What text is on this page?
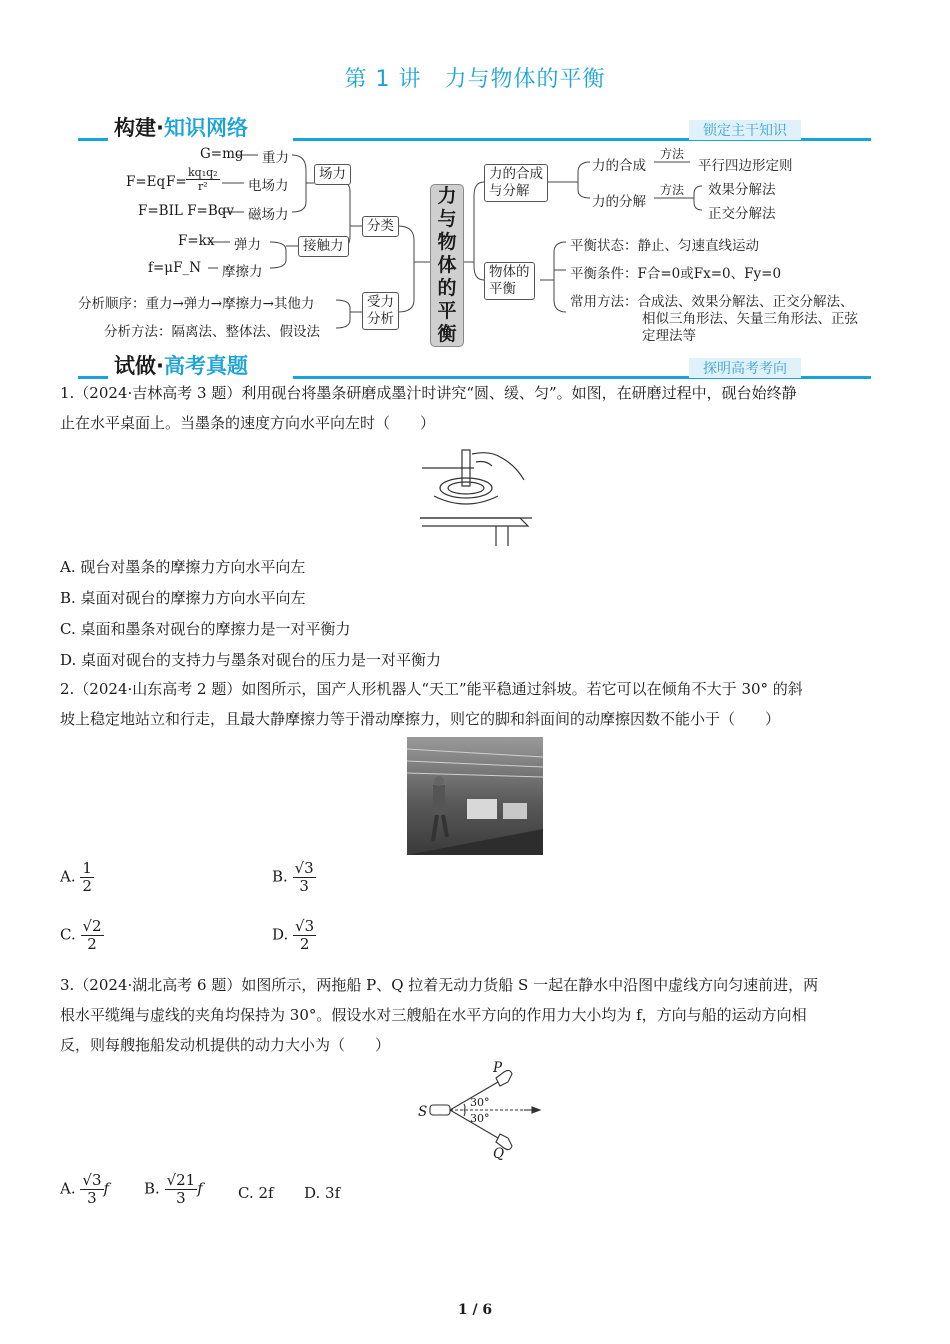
第 1 讲　力与物体的平衡
构建·知识网络	锁定主干知识
G=mg 重力
F=Eq $F= \frac{\text{kq₁q₂}}{\text{r²}}$ 电场力
F=BIL F=Bqv 磁场力
场力
F=kx 弹力
f=μF_N 摩擦力
接触力
分类
受力
分析
分析顺序：重力→弹力→摩擦力→其他力
分析方法：隔离法、整体法、假设法
力
与
物
体
的
平
衡
力的合成
与分解
力的合成
方法
平行四边形定则
力的分解
方法 效果分解法
正交分解法
物体的
平衡
平衡状态：静止、匀速直线运动
平衡条件：F合=0或Fx=0、Fy=0
常用方法：合成法、效果分解法、正交分解法、
相似三角形法、矢量三角形法、正弦
定理法等
试做·高考真题	探明高考考向
1.（2024·吉林高考 3 题）利用砚台将墨条研磨成墨汁时讲究“圆、缓、匀”。如图，在研磨过程中，砚台始终静
止在水平桌面上。当墨条的速度方向水平向左时（　　）
A. 砚台对墨条的摩擦力方向水平向左
B. 桌面对砚台的摩擦力方向水平向左
C. 桌面和墨条对砚台的摩擦力是一对平衡力
D. 桌面对砚台的支持力与墨条对砚台的压力是一对平衡力
2.（2024·山东高考 2 题）如图所示，国产人形机器人“天工”能平稳通过斜坡。若它可以在倾角不大于 30° 的斜
坡上稳定地站立和行走，且最大静摩擦力等于滑动摩擦力，则它的脚和斜面间的动摩擦因数不能小于（　　）
A. $\frac{1}{2}$	B. $\frac{√3}{3}$
C. $\frac{√2}{2}$	D. $\frac{√3}{2}$
3.（2024·湖北高考 6 题）如图所示，两拖船 P、Q 拉着无动力货船 S 一起在静水中沿图中虚线方向匀速前进，两
根水平缆绳与虚线的夹角均保持为 30°。假设水对三艘船在水平方向的作用力大小均为 f，方向与船的运动方向相
反，则每艘拖船发动机提供的动力大小为（　　）
S
P
Q
30°
30°
A. $\frac{√3}{3}$ f B. $\frac{√21}{3}$ f C. 2f D. 3f
1 / 6
